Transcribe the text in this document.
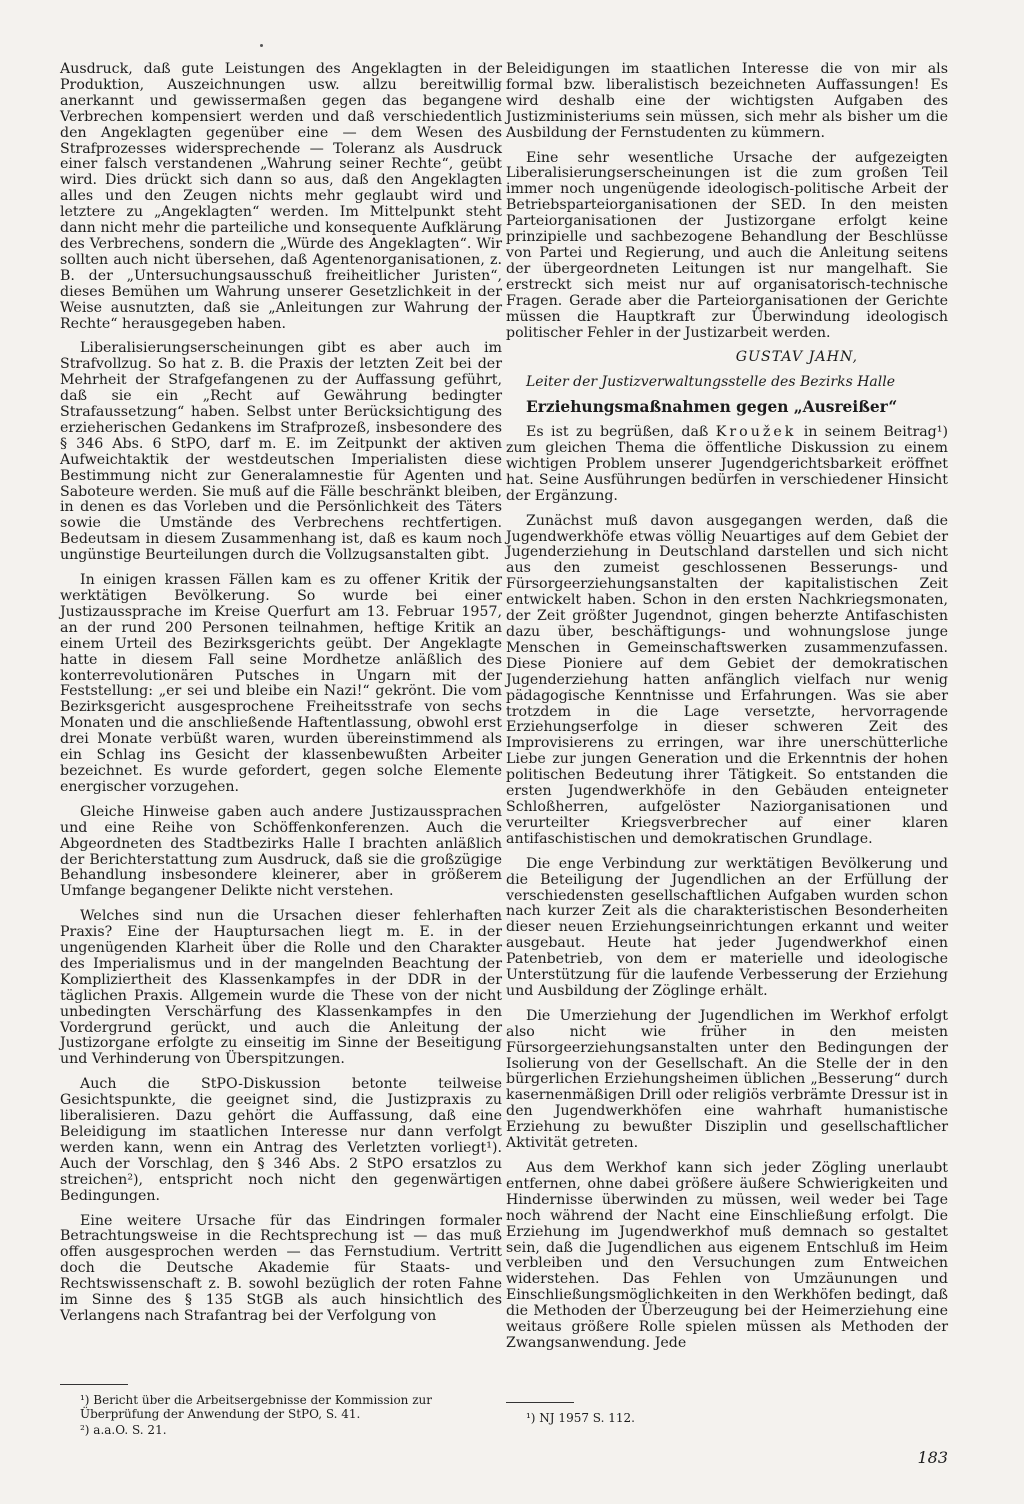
Ausdruck, daß gute Leistungen des Angeklagten in der Produktion, Auszeichnungen usw. allzu bereitwillig anerkannt und gewissermaßen gegen das begangene Verbrechen kompensiert werden und daß verschiedentlich den Angeklagten gegenüber eine — dem Wesen des Strafprozesses widersprechende — Toleranz als Ausdruck einer falsch verstandenen „Wahrung seiner Rechte“, geübt wird. Dies drückt sich dann so aus, daß den Angeklagten alles und den Zeugen nichts mehr geglaubt wird und letztere zu „Angeklagten“ werden. Im Mittelpunkt steht dann nicht mehr die parteiliche und konsequente Aufklärung des Verbrechens, sondern die „Würde des Angeklagten“. Wir sollten auch nicht übersehen, daß Agentenorganisationen, z. B. der „Untersuchungsausschuß freiheitlicher Juristen“, dieses Bemühen um Wahrung unserer Gesetzlichkeit in der Weise ausnutzten, daß sie „Anleitungen zur Wahrung der Rechte“ herausgegeben haben.

Liberalisierungserscheinungen gibt es aber auch im Strafvollzug. So hat z. B. die Praxis der letzten Zeit bei der Mehrheit der Strafgefangenen zu der Auffassung geführt, daß sie ein „Recht auf Gewährung bedingter Strafaussetzung“ haben. Selbst unter Berücksichtigung des erzieherischen Gedankens im Strafprozeß, insbesondere des § 346 Abs. 6 StPO, darf m. E. im Zeitpunkt der aktiven Aufweichtaktik der westdeutschen Imperialisten diese Bestimmung nicht zur Generalamnestie für Agenten und Saboteure werden. Sie muß auf die Fälle beschränkt bleiben, in denen es das Vorleben und die Persönlichkeit des Täters sowie die Umstände des Verbrechens rechtfertigen. Bedeutsam in diesem Zusammenhang ist, daß es kaum noch ungünstige Beurteilungen durch die Vollzugsanstalten gibt.

In einigen krassen Fällen kam es zu offener Kritik der werktätigen Bevölkerung. So wurde bei einer Justizaussprache im Kreise Querfurt am 13. Februar 1957, an der rund 200 Personen teilnahmen, heftige Kritik an einem Urteil des Bezirksgerichts geübt. Der Angeklagte hatte in diesem Fall seine Mordhetze anläßlich des konterrevolutionären Putsches in Ungarn mit der Feststellung: „er sei und bleibe ein Nazi!“ gekrönt. Die vom Bezirksgericht ausgesprochene Freiheitsstrafe von sechs Monaten und die anschließende Haftentlassung, obwohl erst drei Monate verbüßt waren, wurden übereinstimmend als ein Schlag ins Gesicht der klassenbewußten Arbeiter bezeichnet. Es wurde gefordert, gegen solche Elemente energischer vorzugehen.

Gleiche Hinweise gaben auch andere Justizaussprachen und eine Reihe von Schöffenkonferenzen. Auch die Abgeordneten des Stadtbezirks Halle I brachten anläßlich der Berichterstattung zum Ausdruck, daß sie die großzügige Behandlung insbesondere kleinerer, aber in größerem Umfange begangener Delikte nicht verstehen.

Welches sind nun die Ursachen dieser fehlerhaften Praxis? Eine der Hauptursachen liegt m. E. in der ungenügenden Klarheit über die Rolle und den Charakter des Imperialismus und in der mangelnden Beachtung der Kompliziertheit des Klassenkampfes in der DDR in der täglichen Praxis. Allgemein wurde die These von der nicht unbedingten Verschärfung des Klassenkampfes in den Vordergrund gerückt, und auch die Anleitung der Justizorgane erfolgte zu einseitig im Sinne der Beseitigung und Verhinderung von Überspitzungen.

Auch die StPO-Diskussion betonte teilweise Gesichtspunkte, die geeignet sind, die Justizpraxis zu liberalisieren. Dazu gehört die Auffassung, daß eine Beleidigung im staatlichen Interesse nur dann verfolgt werden kann, wenn ein Antrag des Verletzten vorliegt¹). Auch der Vorschlag, den § 346 Abs. 2 StPO ersatzlos zu streichen²), entspricht noch nicht den gegenwärtigen Bedingungen.

Eine weitere Ursache für das Eindringen formaler Betrachtungsweise in die Rechtsprechung ist — das muß offen ausgesprochen werden — das Fernstudium. Vertritt doch die Deutsche Akademie für Staats- und Rechtswissenschaft z. B. sowohl bezüglich der roten Fahne im Sinne des § 135 StGB als auch hinsichtlich des Verlangens nach Strafantrag bei der Verfolgung von

Beleidigungen im staatlichen Interesse die von mir als formal bzw. liberalistisch bezeichneten Auffassungen! Es wird deshalb eine der wichtigsten Aufgaben des Justizministeriums sein müssen, sich mehr als bisher um die Ausbildung der Fernstudenten zu kümmern.

Eine sehr wesentliche Ursache der aufgezeigten Liberalisierungserscheinungen ist die zum großen Teil immer noch ungenügende ideologisch-politische Arbeit der Betriebsparteiorganisationen der SED. In den meisten Parteiorganisationen der Justizorgane erfolgt keine prinzipielle und sachbezogene Behandlung der Beschlüsse von Partei und Regierung, und auch die Anleitung seitens der übergeordneten Leitungen ist nur mangelhaft. Sie erstreckt sich meist nur auf organisatorisch-technische Fragen. Gerade aber die Parteiorganisationen der Gerichte müssen die Hauptkraft zur Überwindung ideologisch politischer Fehler in der Justizarbeit werden.

GUSTAV JAHN,

Leiter der Justizverwaltungsstelle des Bezirks Halle

Erziehungsmaßnahmen gegen „Ausreißer“

Es ist zu begrüßen, daß Kroužek in seinem Beitrag¹) zum gleichen Thema die öffentliche Diskussion zu einem wichtigen Problem unserer Jugendgerichtsbarkeit eröffnet hat. Seine Ausführungen bedürfen in verschiedener Hinsicht der Ergänzung.

Zunächst muß davon ausgegangen werden, daß die Jugendwerkhöfe etwas völlig Neuartiges auf dem Gebiet der Jugenderziehung in Deutschland darstellen und sich nicht aus den zumeist geschlossenen Besserungs- und Fürsorgeerziehungsanstalten der kapitalistischen Zeit entwickelt haben. Schon in den ersten Nachkriegsmonaten, der Zeit größter Jugendnot, gingen beherzte Antifaschisten dazu über, beschäftigungs- und wohnungslose junge Menschen in Gemeinschaftswerken zusammenzufassen. Diese Pioniere auf dem Gebiet der demokratischen Jugenderziehung hatten anfänglich vielfach nur wenig pädagogische Kenntnisse und Erfahrungen. Was sie aber trotzdem in die Lage versetzte, hervorragende Erziehungserfolge in dieser schweren Zeit des Improvisierens zu erringen, war ihre unerschütterliche Liebe zur jungen Generation und die Erkenntnis der hohen politischen Bedeutung ihrer Tätigkeit. So entstanden die ersten Jugendwerkhöfe in den Gebäuden enteigneter Schloßherren, aufgelöster Naziorganisationen und verurteilter Kriegsverbrecher auf einer klaren antifaschistischen und demokratischen Grundlage.

Die enge Verbindung zur werktätigen Bevölkerung und die Beteiligung der Jugendlichen an der Erfüllung der verschiedensten gesellschaftlichen Aufgaben wurden schon nach kurzer Zeit als die charakteristischen Besonderheiten dieser neuen Erziehungseinrichtungen erkannt und weiter ausgebaut. Heute hat jeder Jugendwerkhof einen Patenbetrieb, von dem er materielle und ideologische Unterstützung für die laufende Verbesserung der Erziehung und Ausbildung der Zöglinge erhält.

Die Umerziehung der Jugendlichen im Werkhof erfolgt also nicht wie früher in den meisten Fürsorgeerziehungsanstalten unter den Bedingungen der Isolierung von der Gesellschaft. An die Stelle der in den bürgerlichen Erziehungsheimen üblichen „Besserung“ durch kasernenmäßigen Drill oder religiös verbrämte Dressur ist in den Jugendwerkhöfen eine wahrhaft humanistische Erziehung zu bewußter Disziplin und gesellschaftlicher Aktivität getreten.

Aus dem Werkhof kann sich jeder Zögling unerlaubt entfernen, ohne dabei größere äußere Schwierigkeiten und Hindernisse überwinden zu müssen, weil weder bei Tage noch während der Nacht eine Einschließung erfolgt. Die Erziehung im Jugendwerkhof muß demnach so gestaltet sein, daß die Jugendlichen aus eigenem Entschluß im Heim verbleiben und den Versuchungen zum Entweichen widerstehen. Das Fehlen von Umzäunungen und Einschließungsmöglichkeiten in den Werkhöfen bedingt, daß die Methoden der Überzeugung bei der Heimerziehung eine weitaus größere Rolle spielen müssen als Methoden der Zwangsanwendung. Jede

¹) Bericht über die Arbeitsergebnisse der Kommission zur Überprüfung der Anwendung der StPO, S. 41.

²) a.a.O. S. 21.

¹) NJ 1957 S. 112.

183
